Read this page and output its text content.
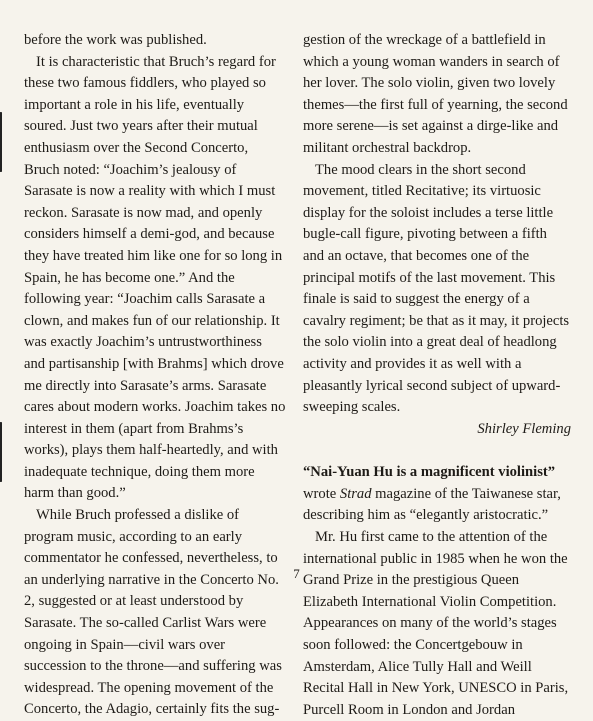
before the work was published.

It is characteristic that Bruch’s regard for these two famous fiddlers, who played so important a role in his life, eventually soured. Just two years after their mutual enthusiasm over the Second Concerto, Bruch noted: “Joachim’s jealousy of Sarasate is now a reality with which I must reckon. Sarasate is now mad, and openly considers himself a demi-god, and because they have treated him like one for so long in Spain, he has become one.” And the following year: “Joachim calls Sarasate a clown, and makes fun of our relationship. It was exactly Joachim’s untrustworthiness and partisanship [with Brahms] which drove me directly into Sarasate’s arms. Sarasate cares about modern works. Joachim takes no interest in them (apart from Brahms’s works), plays them half-heartedly, and with inadequate technique, doing them more harm than good.”

While Bruch professed a dislike of program music, according to an early commentator he confessed, nevertheless, to an underlying narrative in the Concerto No. 2, suggested or at least understood by Sarasate. The so-called Carlist Wars were ongoing in Spain—civil wars over succession to the throne—and suffering was widespread. The opening movement of the Concerto, the Adagio, certainly fits the sug-

gestion of the wreckage of a battlefield in which a young woman wanders in search of her lover. The solo violin, given two lovely themes—the first full of yearning, the second more serene—is set against a dirge-like and militant orchestral backdrop.

The mood clears in the short second movement, titled Recitative; its virtuosic display for the soloist includes a terse little bugle-call figure, pivoting between a fifth and an octave, that becomes one of the principal motifs of the last movement. This finale is said to suggest the energy of a cavalry regiment; be that as it may, it projects the solo violin into a great deal of headlong activity and provides it as well with a pleasantly lyrical second subject of upward-sweeping scales.

Shirley Fleming

“Nai-Yuan Hu is a magnificent violinist” wrote Strad magazine of the Taiwanese star, describing him as “elegantly aristocratic.”

Mr. Hu first came to the attention of the international public in 1985 when he won the Grand Prize in the prestigious Queen Elizabeth International Violin Competition. Appearances on many of the world’s stages soon followed: the Concertgebouw in Amsterdam, Alice Tully Hall and Weill Recital Hall in New York, UNESCO in Paris, Purcell Room in London and Jordan

7
